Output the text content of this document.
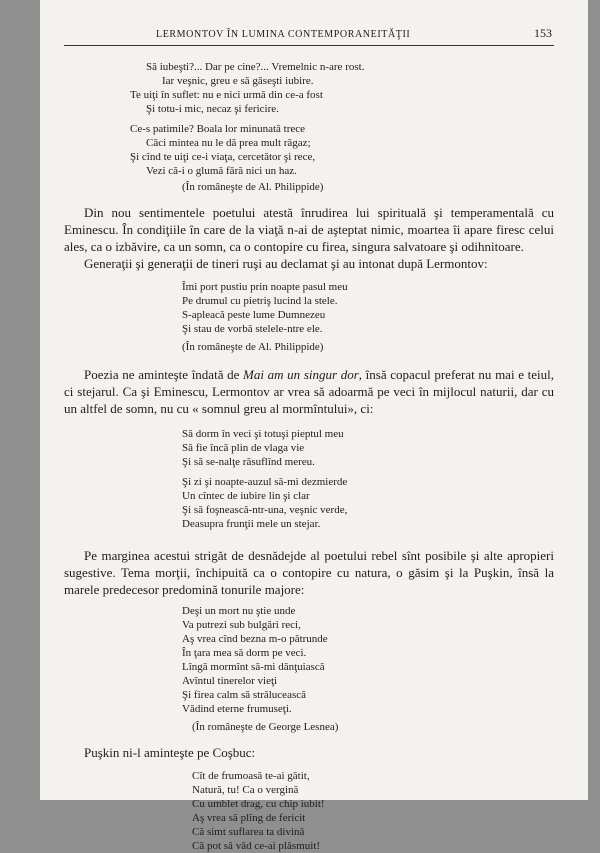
LERMONTOV ÎN LUMINA CONTEMPORANEITĂŢII	153
Să iubeşti?... Dar pe cine?... Vremelnic n-are rost.
Iar veşnic, greu e să găseşti iubire.
Te uiţi în suflet: nu e nici urmă din ce-a fost
Şi totu-i mic, necaz şi fericire.
Ce-s patimile? Boala lor minunată trece
Căci mintea nu le dă prea mult răgaz;
Şi cînd te uiţi ce-i viaţa, cercetător şi rece,
Vezi că-i o glumă fără nici un haz.
(În româneşte de Al. Philippide)

Din nou sentimentele poetului atestă înrudirea lui spirituală şi temperamentală cu Eminescu. În condiţiile în care de la viaţă n-ai de aşteptat nimic, moartea îi apare firesc celui ales, ca o izbăvire, ca un somn, ca o contopire cu firea, singura salvatoare şi odihnitoare.

Generaţii şi generaţii de tineri ruşi au declamat şi au intonat după Lermontov:

Îmi port pustiu prin noapte pasul meu
Pe drumul cu pietriş lucind la stele.
S-apleacă peste lume Dumnezeu
Şi stau de vorbă stelele-ntre ele.
(În româneşte de Al. Philippide)

Poezia ne aminteşte îndată de Mai am un singur dor, însă copacul preferat nu mai e teiul, ci stejarul. Ca şi Eminescu, Lermontov ar vrea să adoarmă pe veci în mijlocul naturii, dar cu un altfel de somn, nu cu « somnul greu al mormîntului», ci:

Să dorm în veci şi totuşi pieptul meu
Să fie încă plin de vlaga vie
Şi să se-nalţe răsuflînd mereu.
Şi zi şi noapte-auzul să-mi dezmierde
Un cîntec de iubire lin şi clar
Şi să foşnească-ntr-una, veşnic verde,
Deasupra frunţii mele un stejar.

Pe marginea acestui strigăt de desnădejde al poetului rebel sînt posibile şi alte apropieri sugestive. Tema morţii, închipuită ca o contopire cu natura, o găsim şi la Puşkin, însă la marele predecesor predomină tonurile majore:

Deşi un mort nu ştie unde
Va putrezi sub bulgări reci,
Aş vrea cînd bezna m-o pătrunde
În ţara mea să dorm pe veci.
Lîngă mormînt să-mi dănţuiască
Avîntul tinerelor vieţi
Şi firea calm să strălucească
Vădind eterne frumuseţi.
(În româneşte de George Lesnea)

Puşkin ni-l aminteşte pe Coşbuc:

Cît de frumoasă te-ai gătit,
Natură, tu! Ca o vergină
Cu umblet drag, cu chip iubit!
Aş vrea să plîng de fericit
Că simt suflarea ta divină
Că pot să văd ce-ai plăsmuit!
